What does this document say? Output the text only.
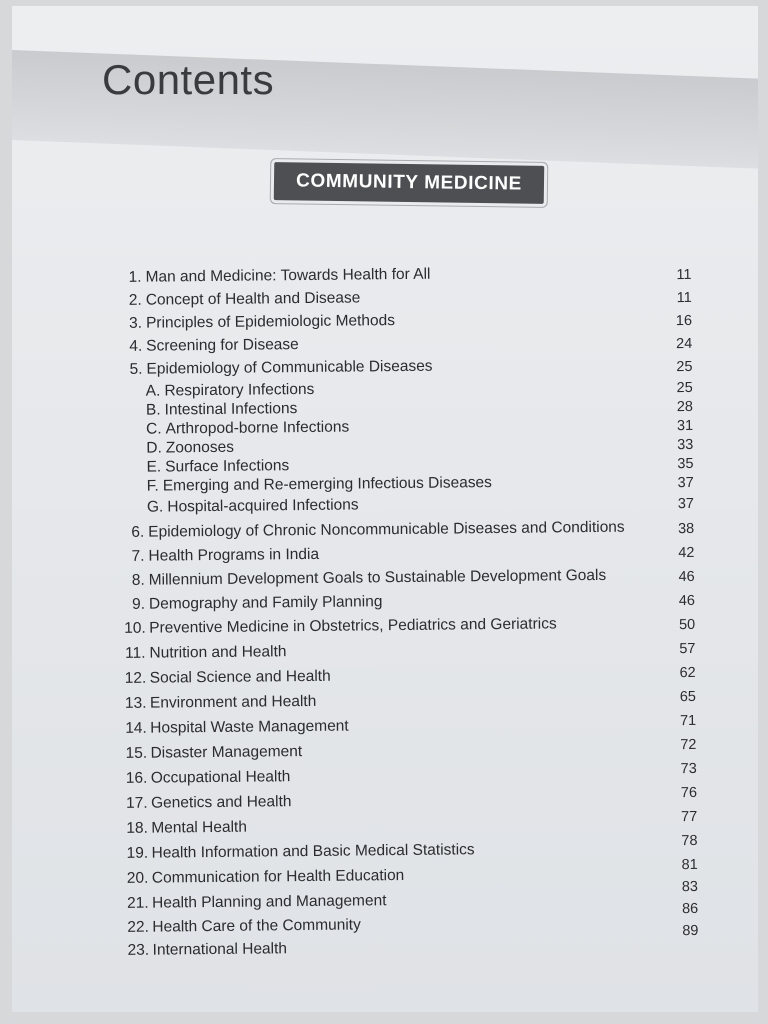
Contents
COMMUNITY MEDICINE
1. Man and Medicine: Towards Health for All
2. Concept of Health and Disease
3. Principles of Epidemiologic Methods
4. Screening for Disease
5. Epidemiology of Communicable Diseases
A. Respiratory Infections
B. Intestinal Infections
C. Arthropod-borne Infections
D. Zoonoses
E. Surface Infections
F. Emerging and Re-emerging Infectious Diseases
G. Hospital-acquired Infections
6. Epidemiology of Chronic Noncommunicable Diseases and Conditions
7. Health Programs in India
8. Millennium Development Goals to Sustainable Development Goals
9. Demography and Family Planning
10. Preventive Medicine in Obstetrics, Pediatrics and Geriatrics
11. Nutrition and Health
12. Social Science and Health
13. Environment and Health
14. Hospital Waste Management
15. Disaster Management
16. Occupational Health
17. Genetics and Health
18. Mental Health
19. Health Information and Basic Medical Statistics
20. Communication for Health Education
21. Health Planning and Management
22. Health Care of the Community
23. International Health
11
11
16
24
25
25
28
31
33
35
37
37
38
42
46
46
50
57
62
65
71
72
73
76
77
78
81
83
86
89
